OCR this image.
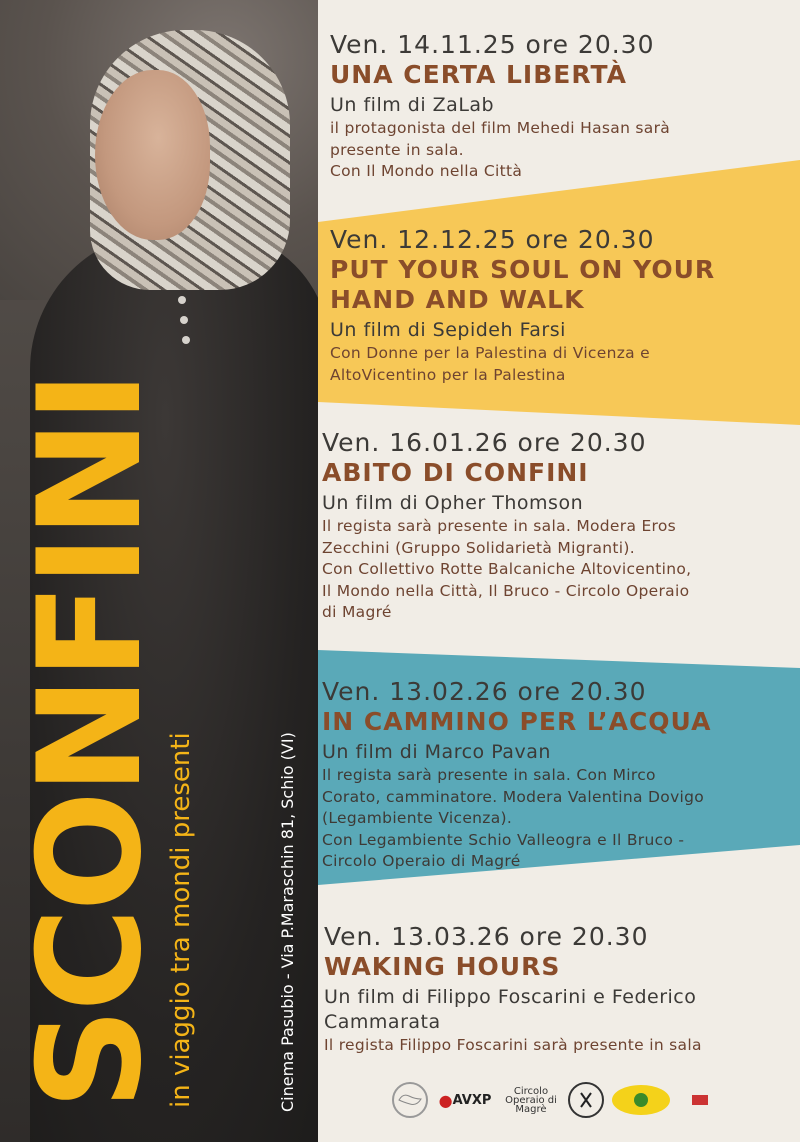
SCONFINI
in viaggio tra mondi presenti	Cinema Pasubio - Via P.Maraschin 81, Schio (VI)
Ven. 14.11.25 ore 20.30
UNA CERTA LIBERTÀ
Un film di ZaLab
il protagonista del film Mehedi Hasan sarà
presente in sala.
Con Il Mondo nella Città
Ven. 12.12.25 ore 20.30
PUT YOUR SOUL ON YOUR HAND AND WALK
Un film di Sepideh Farsi
Con Donne per la Palestina di Vicenza e
AltoVicentino per la Palestina
Ven. 16.01.26 ore 20.30
ABITO DI CONFINI
Un film di Opher Thomson
Il regista sarà presente in sala. Modera Eros
Zecchini (Gruppo Solidarietà Migranti).
Con Collettivo Rotte Balcaniche Altovicentino,
Il Mondo nella Città, Il Bruco - Circolo Operaio
di Magré
Ven. 13.02.26 ore 20.30
IN CAMMINO PER L’ACQUA
Un film di Marco Pavan
Il regista sarà presente in sala. Con Mirco
Corato, camminatore. Modera Valentina Dovigo
(Legambiente Vicenza).
Con Legambiente Schio Valleogra e Il Bruco -
Circolo Operaio di Magré
Ven. 13.03.26 ore 20.30
WAKING HOURS
Un film di Filippo Foscarini e Federico Cammarata
Il regista Filippo Foscarini sarà presente in sala
● AVXP
Circolo Operaio di Magrè
